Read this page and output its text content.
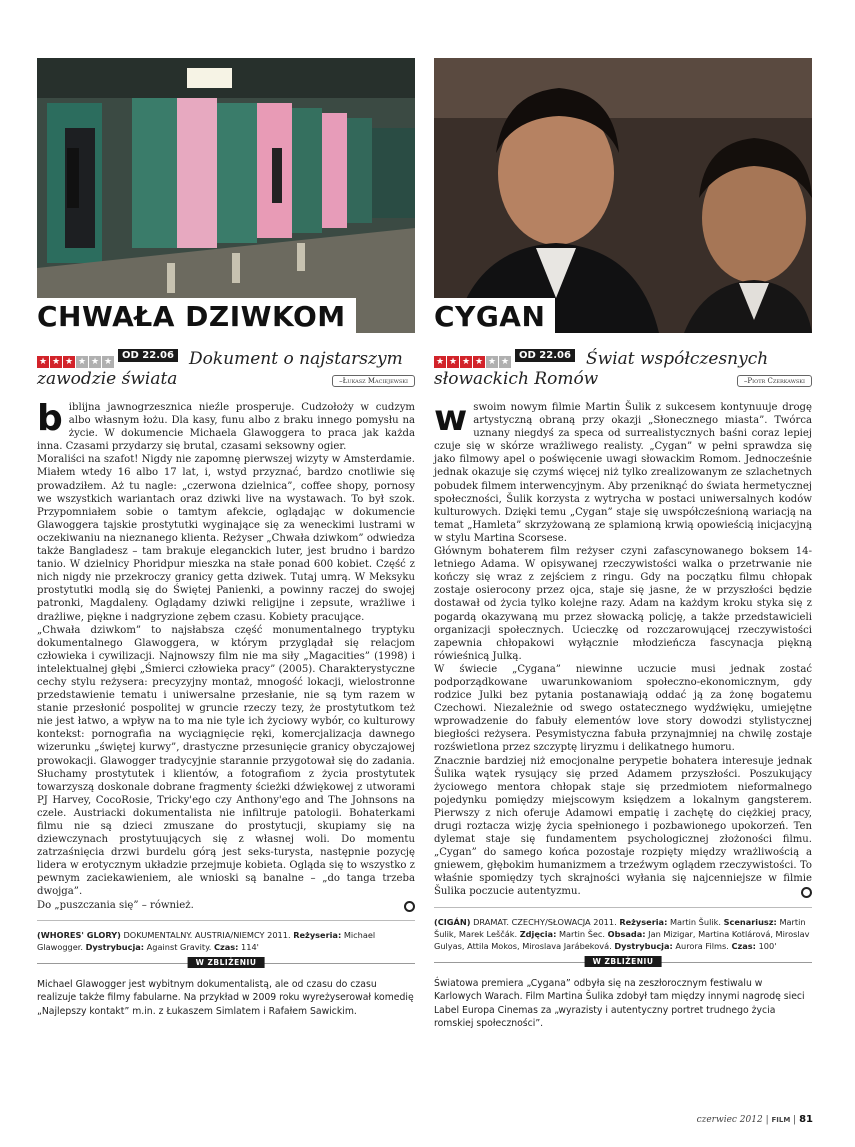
CHWAŁA DZIWKOM
★ ★ ★ ★ ★ ★OD 22.06 Dokument o najstarszym zawodzie świata	–Łukasz Maciejewski
b iblijna jawnogrzesznica nieźle prosperuje. Cudzołoży w cudzym albo własnym łożu. Dla kasy, funu albo z braku innego pomysłu na życie. W dokumencie Michaela Glawoggera to praca jak każda inna. Czasami przydarzy się brutal, czasami seksowny ogier.

Moraliści na szafot! Nigdy nie zapomnę pierwszej wizyty w Amsterdamie. Miałem wtedy 16 albo 17 lat, i, wstyd przyznać, bardzo cnotliwie się prowadziłem. Aż tu nagle: „czerwona dzielnica”, coffee shopy, pornosy we wszystkich wariantach oraz dziwki live na wystawach. To był szok. Przypomniałem sobie o tamtym afekcie, oglądając w dokumencie Glawoggera tajskie prostytutki wyginające się za weneckimi lustrami w oczekiwaniu na nieznanego klienta. Reżyser „Chwała dziwkom” odwiedza także Bangladesz – tam brakuje eleganckich luter, jest brudno i bardzo tanio. W dzielnicy Phoridpur mieszka na stałe ponad 600 kobiet. Część z nich nigdy nie przekroczy granicy getta dziwek. Tutaj umrą. W Meksyku prostytutki modlą się do Świętej Panienki, a powinny raczej do swojej patronki, Magdaleny. Oglądamy dziwki religijne i zepsute, wrażliwe i drażliwe, piękne i nadgryzione zębem czasu. Kobiety pracujące.

„Chwała dziwkom” to najsłabsza część monumentalnego tryptyku dokumentalnego Glawoggera, w którym przyglądał się relacjom człowieka i cywilizacji. Najnowszy film nie ma siły „Magacities” (1998) i intelektualnej głębi „Śmierci człowieka pracy” (2005). Charakterystyczne cechy stylu reżysera: precyzyjny montaż, mnogość lokacji, wielostronne przedstawienie tematu i uniwersalne przesłanie, nie są tym razem w stanie przesłonić pospolitej w gruncie rzeczy tezy, że prostytutkom też nie jest łatwo, a wpływ na to ma nie tyle ich życiowy wybór, co kulturowy kontekst: pornografia na wyciągnięcie ręki, komercjalizacja dawnego wizerunku „świętej kurwy”, drastyczne przesunięcie granicy obyczajowej prowokacji. Glawogger tradycyjnie starannie przygotował się do zadania. Słuchamy prostytutek i klientów, a fotografiom z życia prostytutek towarzyszą doskonale dobrane fragmenty ścieżki dźwiękowej z utworami PJ Harvey, CocoRosie, Tricky'ego czy Anthony'ego and The Johnsons na czele. Austriacki dokumentalista nie infiltruje patologii. Bohaterkami filmu nie są dzieci zmuszane do prostytucji, skupiamy się na dziewczynach prostytuujących się z własnej woli. Do momentu zatrzaśnięcia drzwi burdelu górą jest seks-turysta, następnie pozycję lidera w erotycznym układzie przejmuje kobieta. Ogląda się to wszystko z pewnym zaciekawieniem, ale wnioski są banalne – „do tanga trzeba dwojga”.

Do „puszczania się” – również.

(WHORES' GLORY) DOKUMENTALNY. AUSTRIA/NIEMCY 2011. Reżyseria: Michael Glawogger. Dystrybucja: Against Gravity. Czas: 114'
W ZBLIŻENIU
Michael Glawogger jest wybitnym dokumentalistą, ale od czasu do czasu realizuje także filmy fabularne. Na przykład w 2009 roku wyreżyserował komedię „Najlepszy kontakt” m.in. z Łukaszem Simlatem i Rafałem Sawickim.
CYGAN
★ ★ ★ ★ ★ ★OD 22.06 Świat współczesnych słowackich Romów	–Piotr Czerkawski
w swoim nowym filmie Martin Šulik z sukcesem kontynuuje drogę artystyczną obraną przy okazji „Słonecznego miasta”. Twórca uznany niegdyś za speca od surrealistycznych baśni coraz lepiej czuje się w skórze wrażliwego realisty. „Cygan” w pełni sprawdza się jako filmowy apel o poświęcenie uwagi słowackim Romom. Jednocześnie jednak okazuje się czymś więcej niż tylko zrealizowanym ze szlachetnych pobudek filmem interwencyjnym. Aby przeniknąć do świata hermetycznej społeczności, Šulik korzysta z wytrycha w postaci uniwersalnych kodów kulturowych. Dzięki temu „Cygan” staje się uwspółcześnioną wariacją na temat „Hamleta” skrzyżowaną ze splamioną krwią opowieścią inicjacyjną w stylu Martina Scorsese.

Głównym bohaterem film reżyser czyni zafascynowanego boksem 14- letniego Adama. W opisywanej rzeczywistości walka o przetrwanie nie kończy się wraz z zejściem z ringu. Gdy na początku filmu chłopak zostaje osierocony przez ojca, staje się jasne, że w przyszłości będzie dostawał od życia tylko kolejne razy. Adam na każdym kroku styka się z pogardą okazywaną mu przez słowacką policję, a także przedstawicieli organizacji społecznych. Ucieczkę od rozczarowującej rzeczywistości zapewnia chłopakowi wyłącznie młodzieńcza fascynacja piękną rówieśnicą Julką.

W świecie „Cygana” niewinne uczucie musi jednak zostać podporządkowane uwarunkowaniom społeczno-ekonomicznym, gdy rodzice Julki bez pytania postanawiają oddać ją za żonę bogatemu Czechowi. Niezależnie od swego ostatecznego wydźwięku, umiejętne wprowadzenie do fabuły elementów love story dowodzi stylistycznej biegłości reżysera. Pesymistyczna fabuła przynajmniej na chwilę zostaje rozświetlona przez szczyptę liryzmu i delikatnego humoru.

Znacznie bardziej niż emocjonalne perypetie bohatera interesuje jednak Šulika wątek rysujący się przed Adamem przyszłości. Poszukujący życiowego mentora chłopak staje się przedmiotem nieformalnego pojedynku pomiędzy miejscowym księdzem a lokalnym gangsterem. Pierwszy z nich oferuje Adamowi empatię i zachętę do ciężkiej pracy, drugi roztacza wizję życia spełnionego i pozbawionego upokorzeń. Ten dylemat staje się fundamentem psychologicznej złożoności filmu. „Cygan” do samego końca pozostaje rozpięty między wrażliwością a gniewem, głębokim humanizmem a trzeźwym oglądem rzeczywistości. To właśnie spomiędzy tych skrajności wyłania się najcenniejsze w filmie Šulika poczucie autentyzmu.

(CIGÁN) DRAMAT. CZECHY/SŁOWACJA 2011. Reżyseria: Martin Šulik. Scenariusz: Martin Šulik, Marek Leščák. Zdjęcia: Martin Šec. Obsada: Jan Mizigar, Martina Kotlárová, Miroslav Gulyas, Attila Mokos, Miroslava Jarábeková. Dystrybucja: Aurora Films. Czas: 100'
W ZBLIŻENIU
Światowa premiera „Cygana” odbyła się na zeszłorocznym festiwalu w Karlowych Warach. Film Martina Šulika zdobył tam między innymi nagrodę sieci Label Europa Cinemas za „wyrazisty i autentyczny portret trudnego życia romskiej społeczności”.
czerwiec 2012 | FILM | 81
